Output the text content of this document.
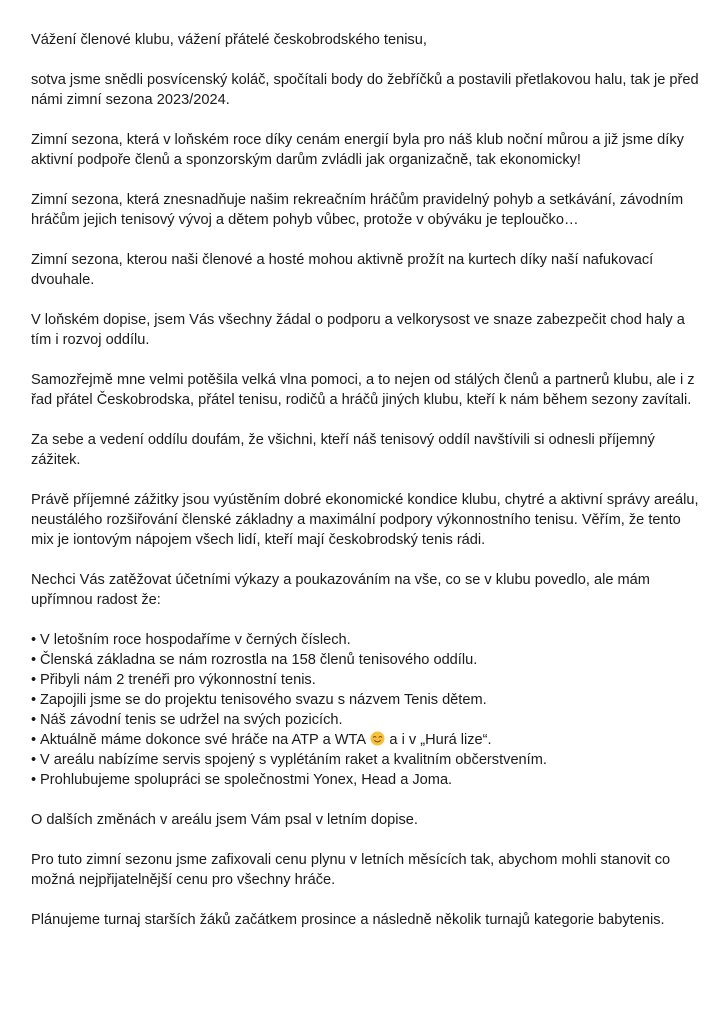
Vážení členové klubu, vážení přátelé českobrodského tenisu,

sotva jsme snědli posvícenský koláč, spočítali body do žebříčků a postavili přetlakovou halu, tak je před námi zimní sezona 2023/2024.

Zimní sezona, která v loňském roce díky cenám energií byla pro náš klub noční můrou a již jsme díky aktivní podpoře členů a sponzorským darům zvládli jak organizačně, tak ekonomicky!

Zimní sezona, která znesnadňuje našim rekreačním hráčům pravidelný pohyb a setkávání, závodním hráčům jejich tenisový vývoj a dětem pohyb vůbec, protože v obýváku je teploučko…

Zimní sezona, kterou naši členové a hosté mohou aktivně prožít na kurtech díky naší nafukovací dvouhale.

V loňském dopise, jsem Vás všechny žádal o podporu a velkorysost ve snaze zabezpečit chod haly a tím i rozvoj oddílu.

Samozřejmě mne velmi potěšila velká vlna pomoci, a to nejen od stálých členů a partnerů klubu, ale i z řad přátel Českobrodska, přátel tenisu, rodičů a hráčů jiných klubu, kteří k nám během sezony zavítali.

Za sebe a vedení oddílu doufám, že všichni, kteří náš tenisový oddíl navštívili si odnesli příjemný zážitek.

Právě příjemné zážitky jsou vyústěním dobré ekonomické kondice klubu, chytré a aktivní správy areálu, neustálého rozšiřování členské základny a maximální podpory výkonnostního tenisu. Věřím, že tento mix je iontovým nápojem všech lidí, kteří mají českobrodský tenis rádi.

Nechci Vás zatěžovat účetními výkazy a poukazováním na vše, co se v klubu povedlo, ale mám upřímnou radost že:

• V letošním roce hospodaříme v černých číslech.
• Členská základna se nám rozrostla na 158 členů tenisového oddílu.
• Přibyli nám 2 trenéři pro výkonnostní tenis.
• Zapojili jsme se do projektu tenisového svazu s názvem Tenis dětem.
• Náš závodní tenis se udržel na svých pozicích.
• Aktuálně máme dokonce své hráče na ATP a WTA  a i v „Hurá lize“.
• V areálu nabízíme servis spojený s vyplétáním raket a kvalitním občerstvením.
• Prohlubujeme spolupráci se společnostmi Yonex, Head a Joma.

O dalších změnách v areálu jsem Vám psal v letním dopise.

Pro tuto zimní sezonu jsme zafixovali cenu plynu v letních měsících tak, abychom mohli stanovit co možná nejpřijatelnější cenu pro všechny hráče.

Plánujeme turnaj starších žáků začátkem prosince a následně několik turnajů kategorie babytenis.
